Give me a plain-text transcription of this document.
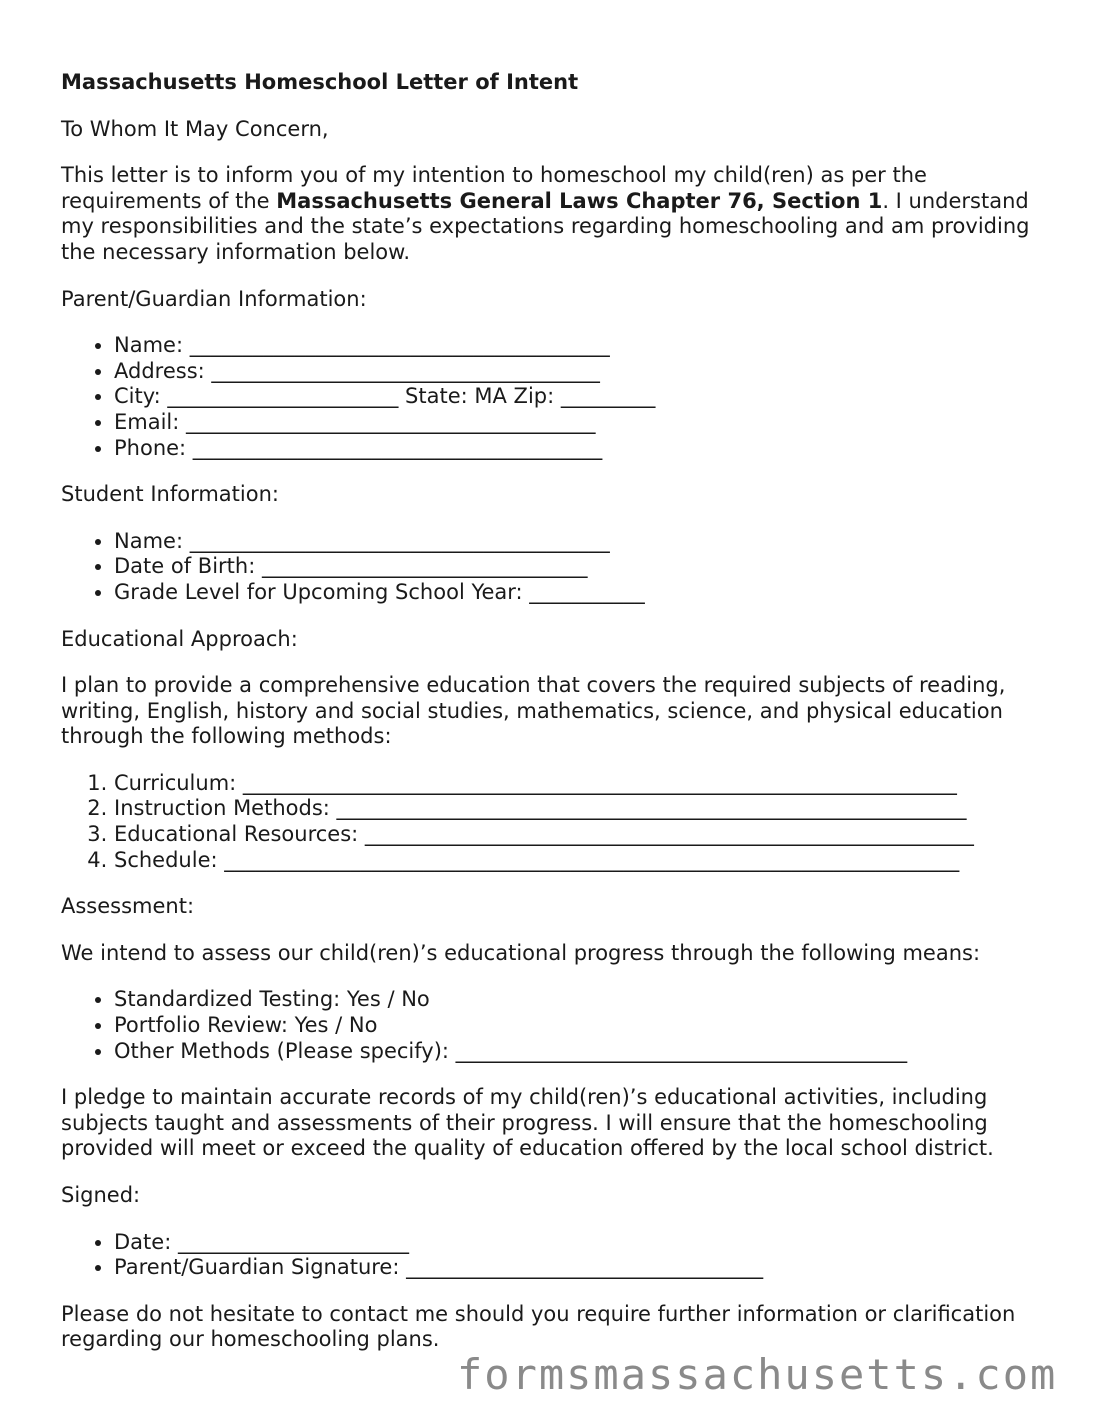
Massachusetts Homeschool Letter of Intent

To Whom It May Concern,

This letter is to inform you of my intention to homeschool my child(ren) as per the requirements of the Massachusetts General Laws Chapter 76, Section 1. I understand my responsibilities and the state’s expectations regarding homeschooling and am providing the necessary information below.

Parent/Guardian Information:

• Name: ________________________________________
• Address: _____________________________________
• City: ______________________ State: MA Zip: _________
• Email: _______________________________________
• Phone: _______________________________________

Student Information:

• Name: ________________________________________
• Date of Birth: _______________________________
• Grade Level for Upcoming School Year: ___________

Educational Approach:

I plan to provide a comprehensive education that covers the required subjects of reading, writing, English, history and social studies, mathematics, science, and physical education through the following methods:

1. Curriculum: ____________________________________________________________________
2. Instruction Methods: ____________________________________________________________
3. Educational Resources: __________________________________________________________
4. Schedule: ______________________________________________________________________

Assessment:

We intend to assess our child(ren)’s educational progress through the following means:

• Standardized Testing: Yes / No
• Portfolio Review: Yes / No
• Other Methods (Please specify): ___________________________________________

I pledge to maintain accurate records of my child(ren)’s educational activities, including subjects taught and assessments of their progress. I will ensure that the homeschooling provided will meet or exceed the quality of education offered by the local school district.

Signed:

• Date: ______________________
• Parent/Guardian Signature: __________________________________

Please do not hesitate to contact me should you require further information or clarification regarding our homeschooling plans.

formsmassachusetts.com
